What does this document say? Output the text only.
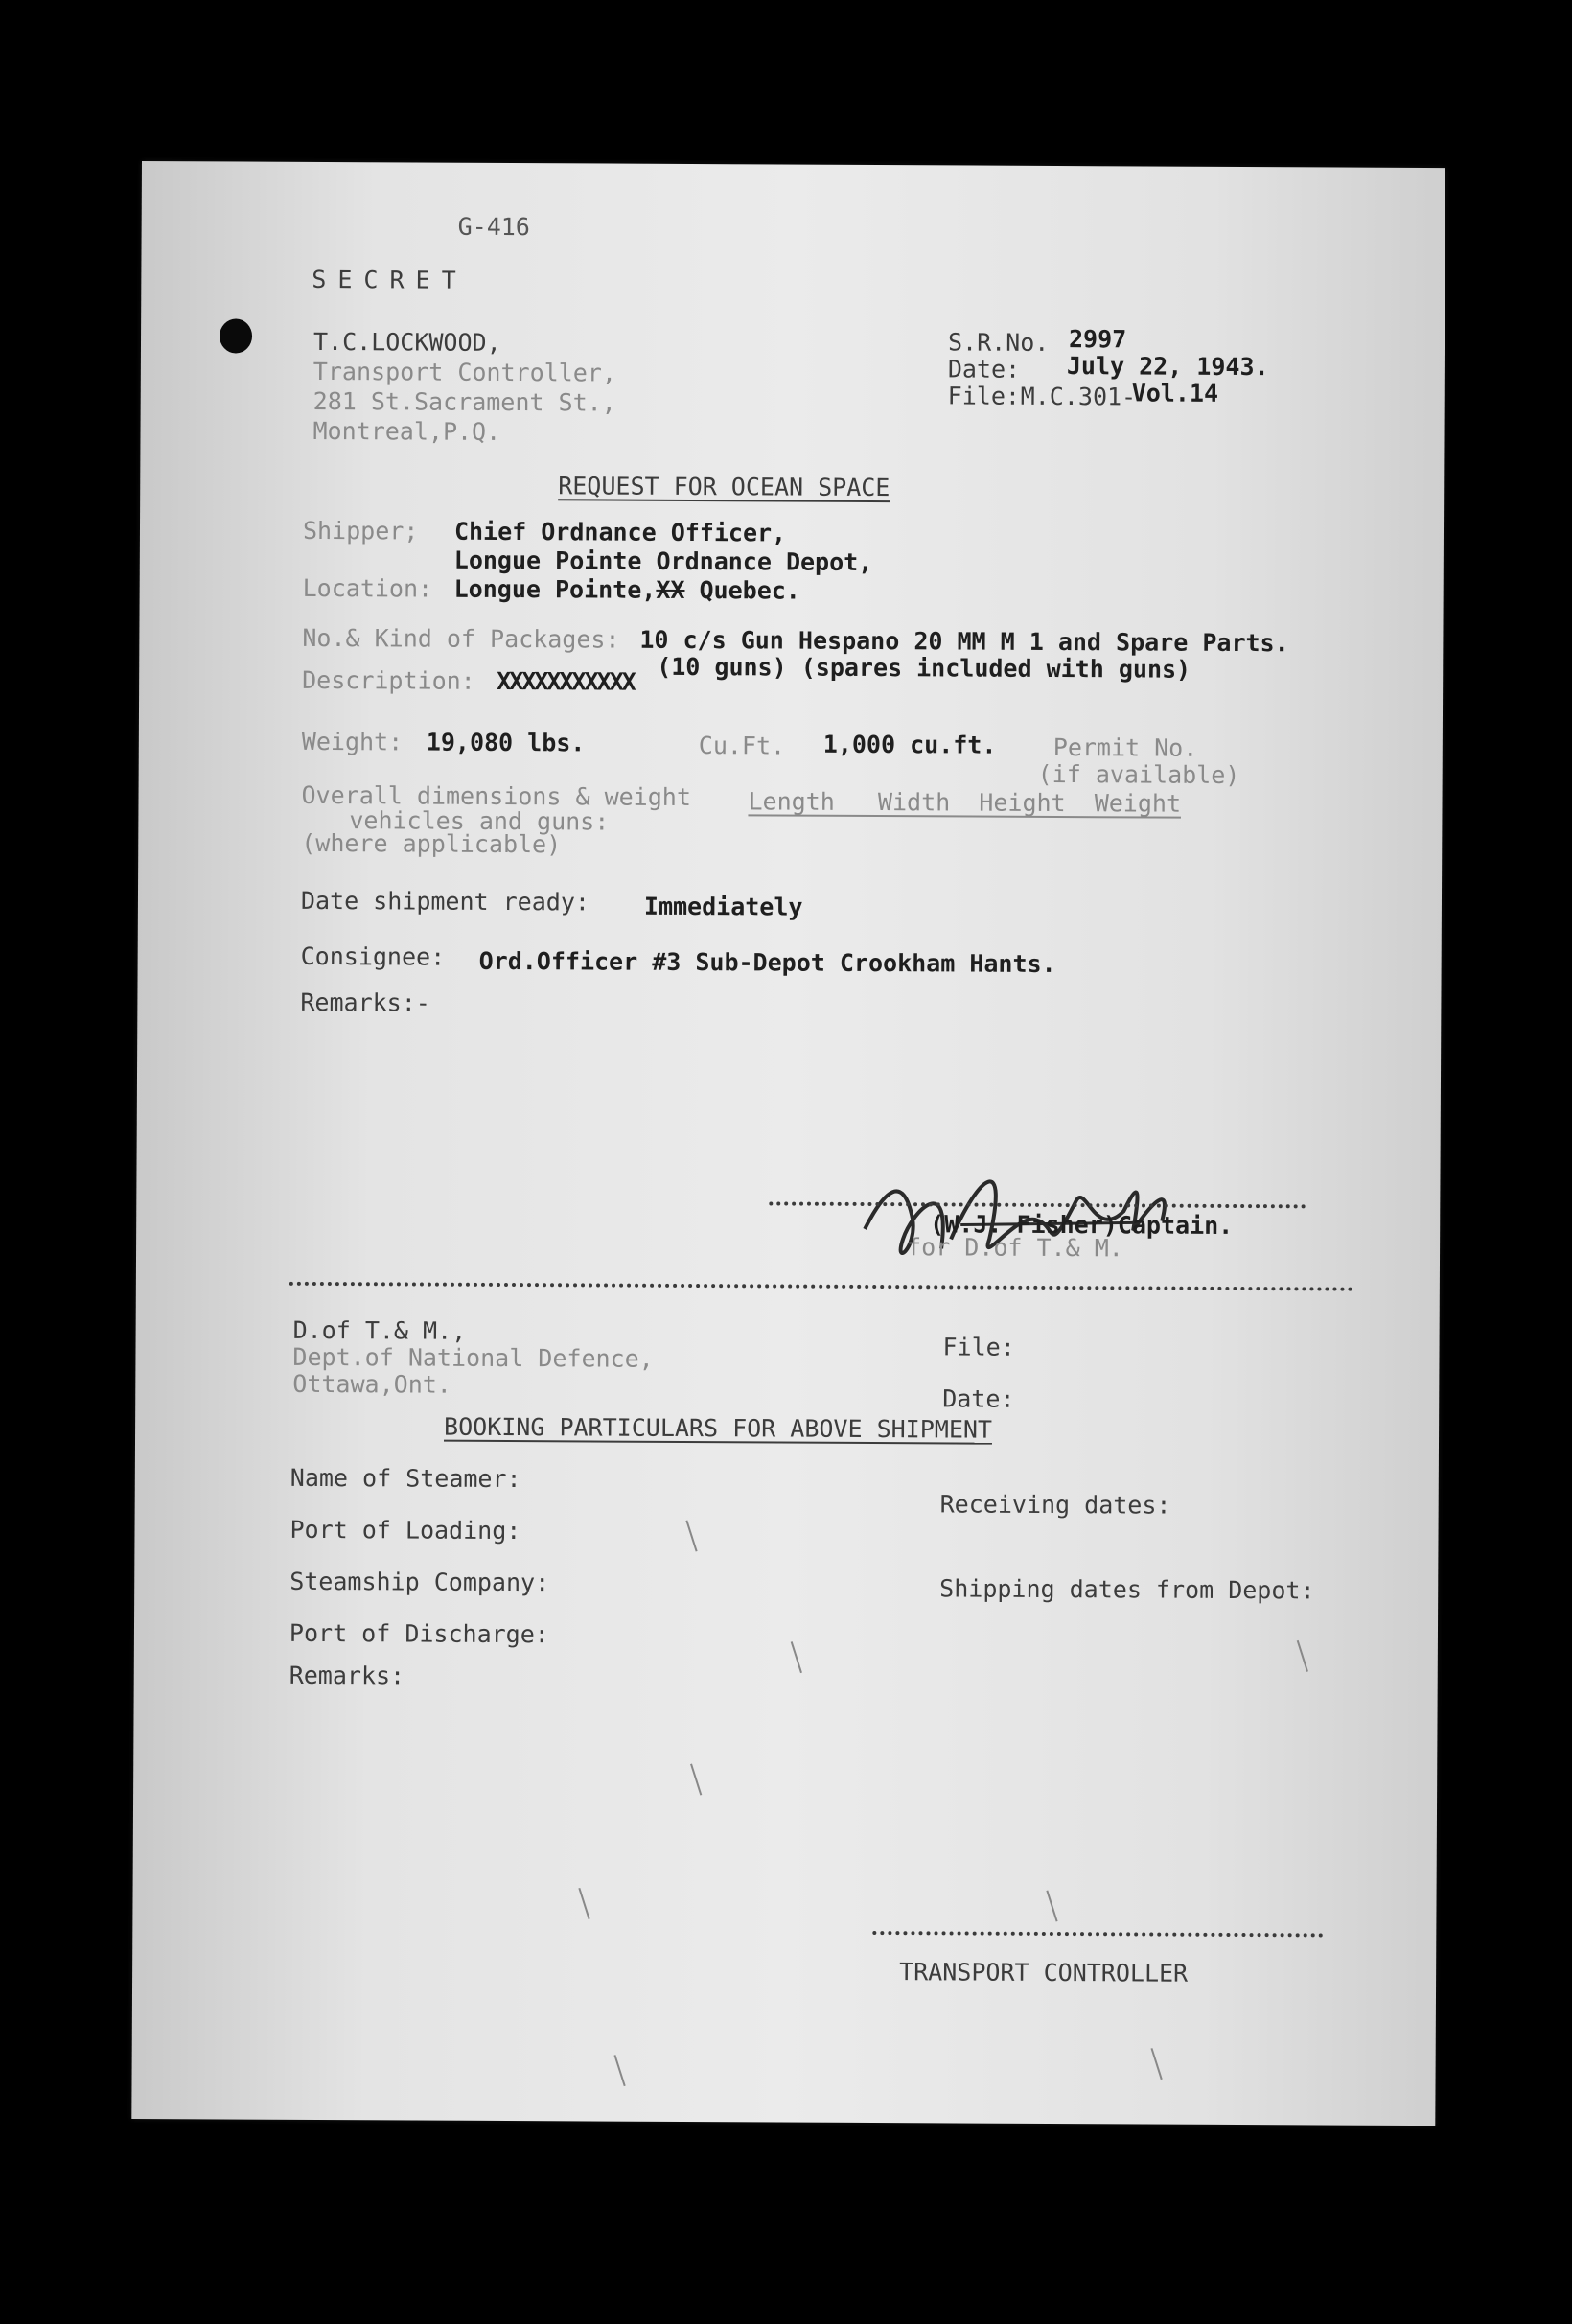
G-416
SECRET
T.C.LOCKWOOD,
Transport Controller,
281 St.Sacrament St.,
Montreal,P.Q.
S.R.No. 2997
Date: July 22, 1943.
File: M.C.301-
Vol.14
REQUEST FOR OCEAN SPACE
Shipper; Chief Ordnance Officer,
Longue Pointe Ordnance Depot,
Location: Longue Pointe,XX Quebec.
No.& Kind of Packages: 10 c/s Gun Hespano 20 MM M 1 and Spare Parts.
(10 guns) (spares included with guns)
Description: XXXXXXXXXXX
Weight: 19,080 lbs.	Cu.Ft. 1,000 cu.ft. Permit No.
(if available)
Overall dimensions & weight
vehicles and guns:
(where applicable)
Length   Width  Height  Weight
Date shipment ready: Immediately
Consignee: Ord.Officer #3 Sub-Depot Crookham Hants.
Remarks:-
(W.J. Fisher)Captain.
for D.of T.& M.
D.of T.& M.,
Dept.of National Defence,
Ottawa,Ont.
File:
Date:
BOOKING PARTICULARS FOR ABOVE SHIPMENT
Name of Steamer:
Port of Loading:
Steamship Company:
Port of Discharge:
Remarks:
Receiving dates:
Shipping dates from Depot:
TRANSPORT CONTROLLER
